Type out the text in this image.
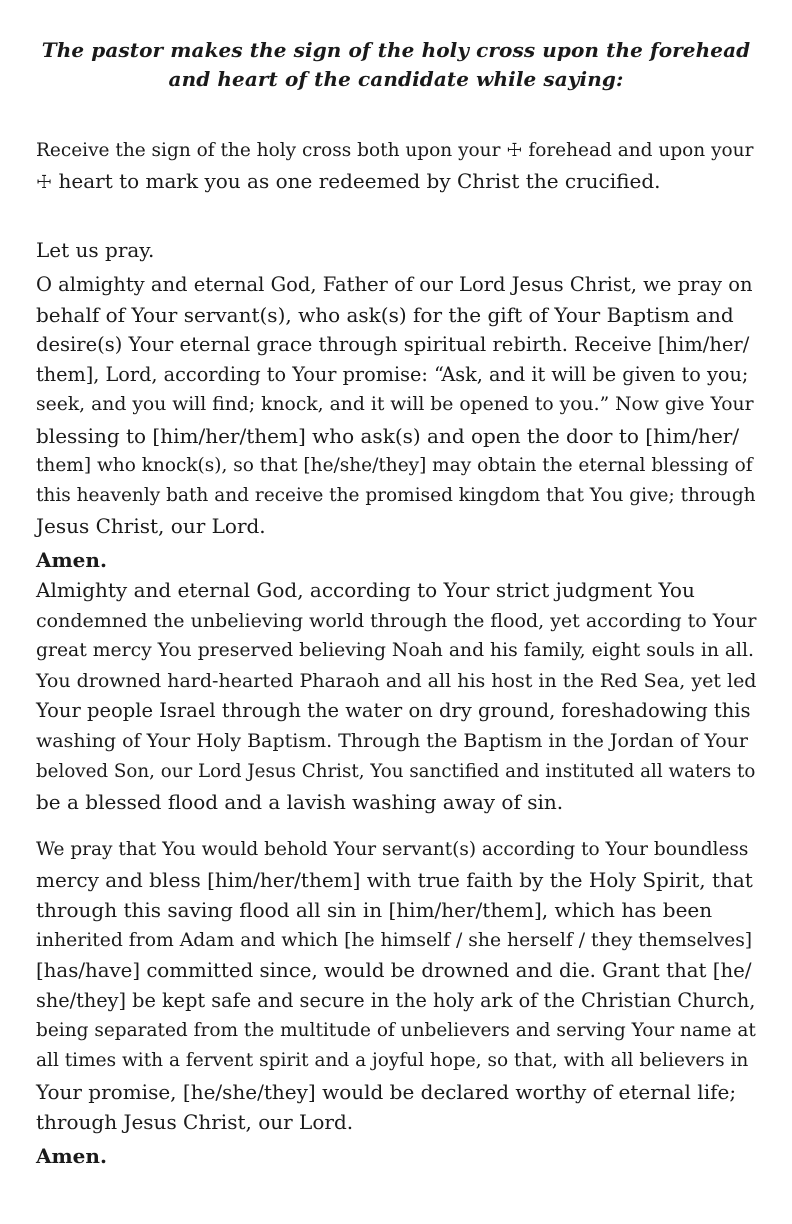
The pastor makes the sign of the holy cross upon the forehead
and heart of the candidate while saying:

Receive the sign of the holy cross both upon your ☩ forehead and upon your
☩ heart to mark you as one redeemed by Christ the crucified.

Let us pray.

O almighty and eternal God, Father of our Lord Jesus Christ, we pray on
behalf of Your servant(s), who ask(s) for the gift of Your Baptism and
desire(s) Your eternal grace through spiritual rebirth. Receive [him/her/
them], Lord, according to Your promise: “Ask, and it will be given to you;
seek, and you will find; knock, and it will be opened to you.” Now give Your
blessing to [him/her/them] who ask(s) and open the door to [him/her/
them] who knock(s), so that [he/she/they] may obtain the eternal blessing of
this heavenly bath and receive the promised kingdom that You give; through
Jesus Christ, our Lord.

Amen.

Almighty and eternal God, according to Your strict judgment You
condemned the unbelieving world through the flood, yet according to Your
great mercy You preserved believing Noah and his family, eight souls in all.
You drowned hard-hearted Pharaoh and all his host in the Red Sea, yet led
Your people Israel through the water on dry ground, foreshadowing this
washing of Your Holy Baptism. Through the Baptism in the Jordan of Your
beloved Son, our Lord Jesus Christ, You sanctified and instituted all waters to
be a blessed flood and a lavish washing away of sin.

We pray that You would behold Your servant(s) according to Your boundless
mercy and bless [him/her/them] with true faith by the Holy Spirit, that
through this saving flood all sin in [him/her/them], which has been
inherited from Adam and which [he himself / she herself / they themselves]
[has/have] committed since, would be drowned and die. Grant that [he/
she/they] be kept safe and secure in the holy ark of the Christian Church,
being separated from the multitude of unbelievers and serving Your name at
all times with a fervent spirit and a joyful hope, so that, with all believers in
Your promise, [he/she/they] would be declared worthy of eternal life;
through Jesus Christ, our Lord.

Amen.
